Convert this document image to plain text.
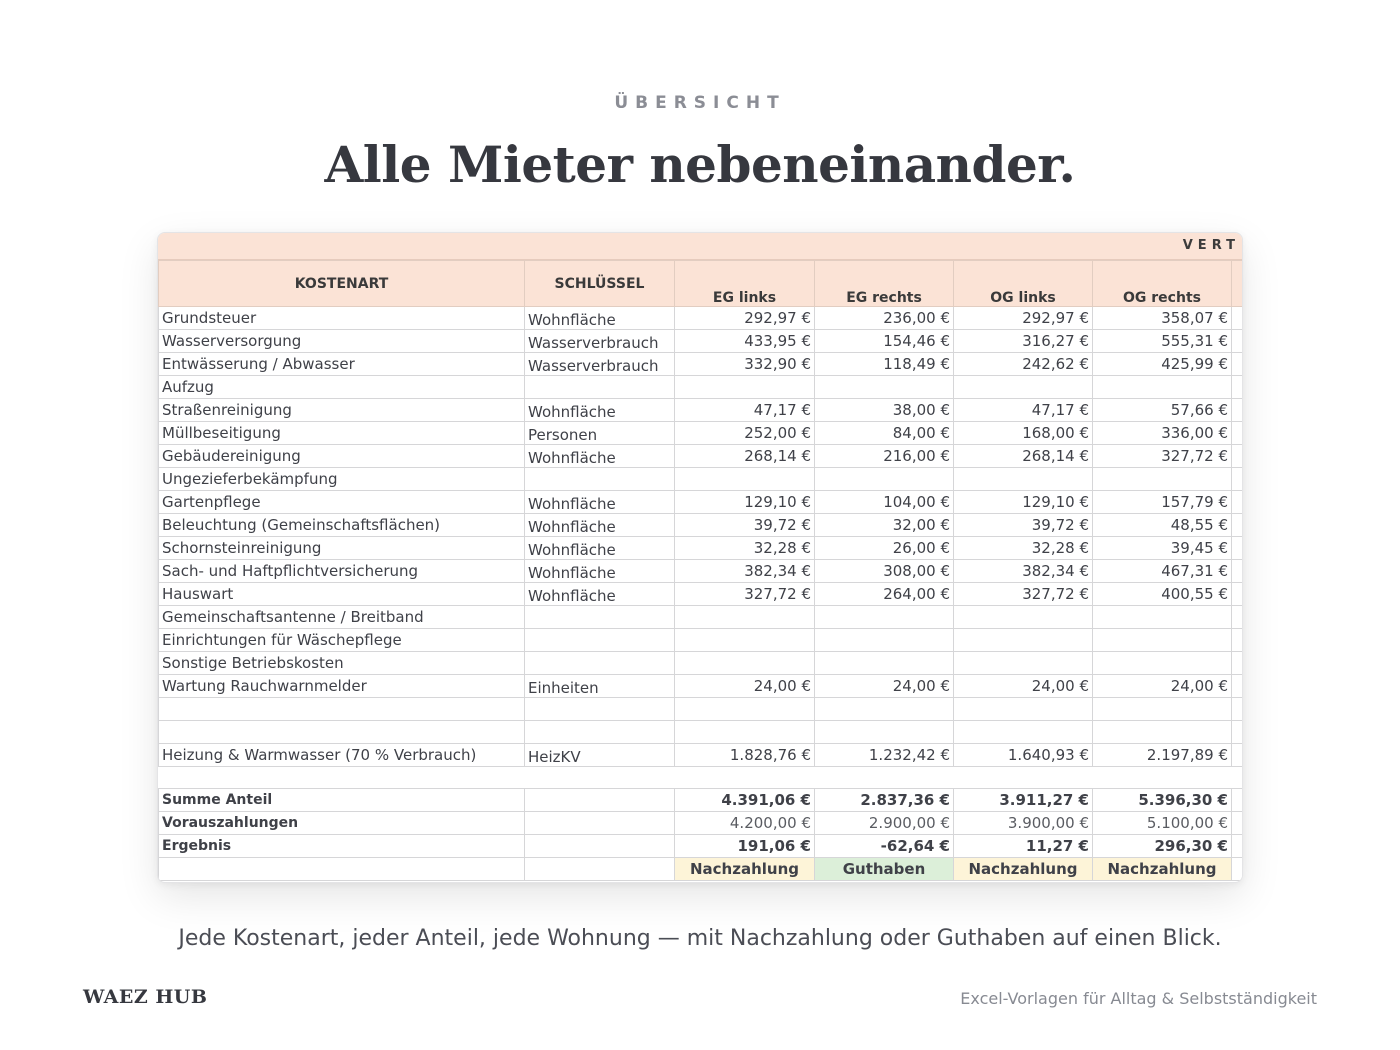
ÜBERSICHT
Alle Mieter nebeneinander.
VERT
KOSTENART	SCHLÜSSEL	EG links	EG rechts	OG links	OG rechts	
Grundsteuer	Wohnfläche	292,97 €	236,00 €	292,97 €	358,07 €	
Wasserversorgung	Wasserverbrauch	433,95 €	154,46 €	316,27 €	555,31 €	
Entwässerung / Abwasser	Wasserverbrauch	332,90 €	118,49 €	242,62 €	425,99 €	
Aufzug						
Straßenreinigung	Wohnfläche	47,17 €	38,00 €	47,17 €	57,66 €	
Müllbeseitigung	Personen	252,00 €	84,00 €	168,00 €	336,00 €	
Gebäudereinigung	Wohnfläche	268,14 €	216,00 €	268,14 €	327,72 €	
Ungezieferbekämpfung						
Gartenpflege	Wohnfläche	129,10 €	104,00 €	129,10 €	157,79 €	
Beleuchtung (Gemeinschaftsflächen)	Wohnfläche	39,72 €	32,00 €	39,72 €	48,55 €	
Schornsteinreinigung	Wohnfläche	32,28 €	26,00 €	32,28 €	39,45 €	
Sach- und Haftpflichtversicherung	Wohnfläche	382,34 €	308,00 €	382,34 €	467,31 €	
Hauswart	Wohnfläche	327,72 €	264,00 €	327,72 €	400,55 €	
Gemeinschaftsantenne / Breitband						
Einrichtungen für Wäschepflege						
Sonstige Betriebskosten						
Wartung Rauchwarnmelder	Einheiten	24,00 €	24,00 €	24,00 €	24,00 €	

Heizung & Warmwasser (70 % Verbrauch)	HeizKV	1.828,76 €	1.232,42 €	1.640,93 €	2.197,89 €	

Summe Anteil		4.391,06 €	2.837,36 €	3.911,27 €	5.396,30 €	
Vorauszahlungen		4.200,00 €	2.900,00 €	3.900,00 €	5.100,00 €	
Ergebnis		191,06 €	-62,64 €	11,27 €	296,30 €	
		Nachzahlung	Guthaben	Nachzahlung	Nachzahlung	
Jede Kostenart, jeder Anteil, jede Wohnung — mit Nachzahlung oder Guthaben auf einen Blick.
WAEZ HUB	Excel-Vorlagen für Alltag & Selbstständigkeit
